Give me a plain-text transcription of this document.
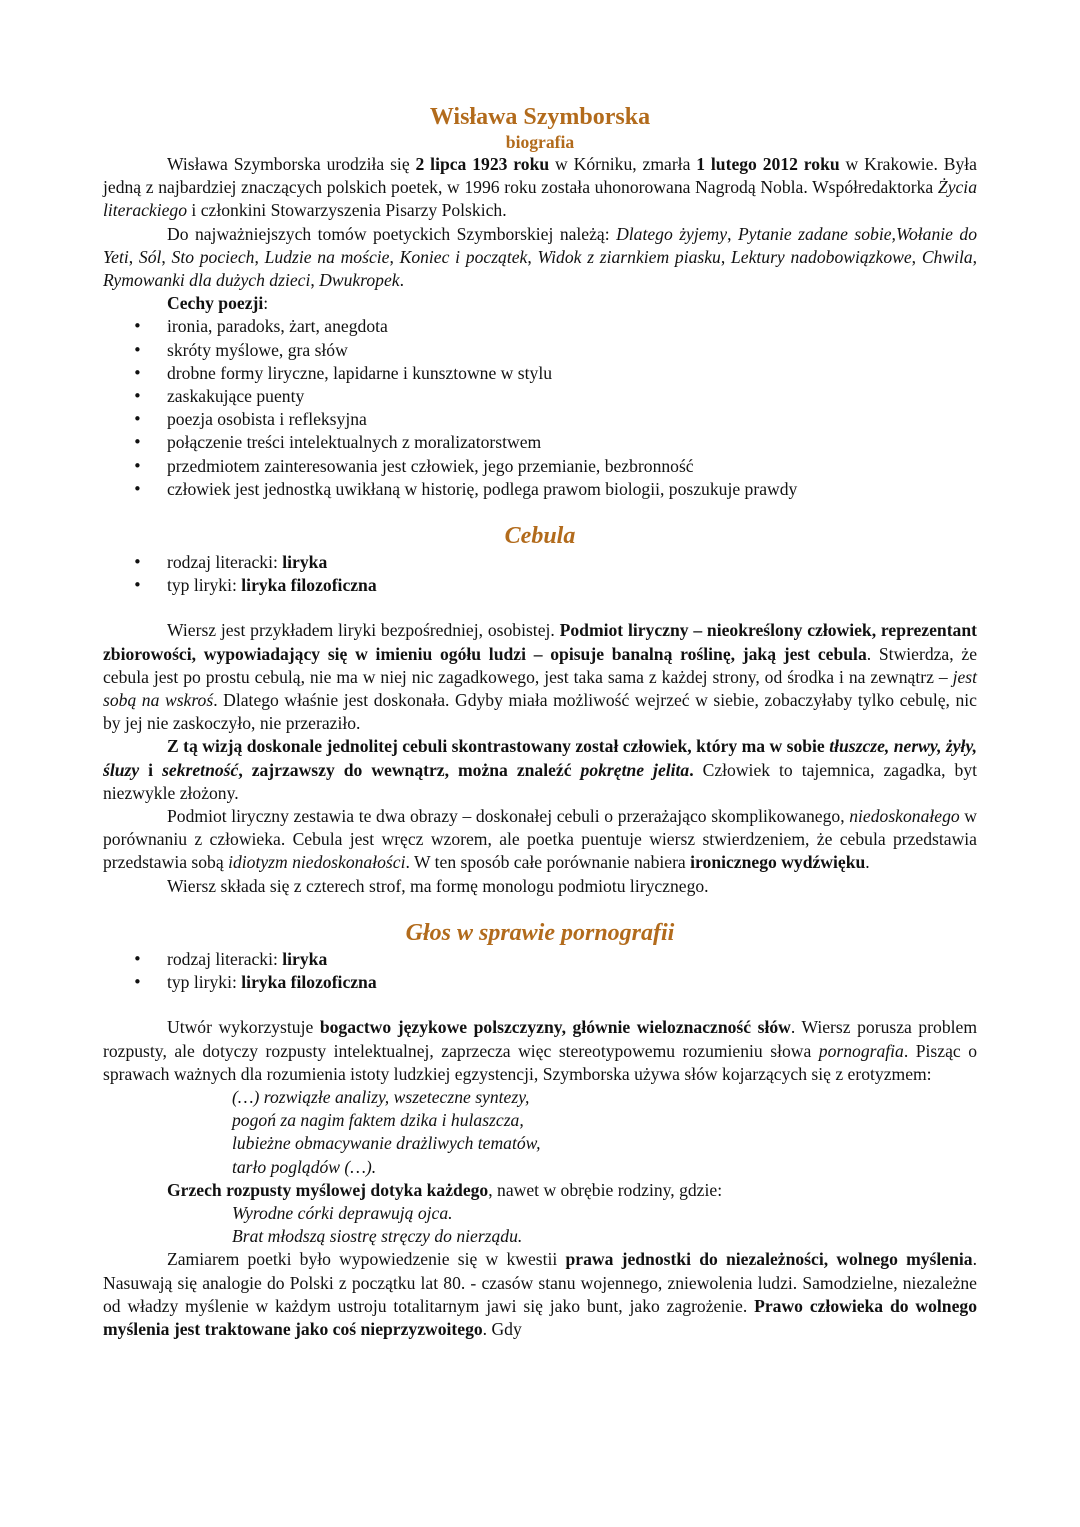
Wisława Szymborska
biografia

Wisława Szymborska urodziła się 2 lipca 1923 roku w Kórniku, zmarła 1 lutego 2012 roku w Krakowie. Była jedną z najbardziej znaczących polskich poetek, w 1996 roku została uhonorowana Nagrodą Nobla. Współredaktorka Życia literackiego i członkini Stowarzyszenia Pisarzy Polskich.

Do najważniejszych tomów poetyckich Szymborskiej należą: Dlatego żyjemy, Pytanie zadane sobie,Wołanie do Yeti, Sól, Sto pociech, Ludzie na moście, Koniec i początek, Widok z ziarnkiem piasku, Lektury nadobowiązkowe, Chwila, Rymowanki dla dużych dzieci, Dwukropek.

Cechy poezji:

• ironia, paradoks, żart, anegdota
• skróty myślowe, gra słów
• drobne formy liryczne, lapidarne i kunsztowne w stylu
• zaskakujące puenty
• poezja osobista i refleksyjna
• połączenie treści intelektualnych z moralizatorstwem
• przedmiotem zainteresowania jest człowiek, jego przemianie, bezbronność
• człowiek jest jednostką uwikłaną w historię, podlega prawom biologii, poszukuje prawdy
Cebula
• rodzaj literacki: liryka
• typ liryki: liryka filozoficzna

Wiersz jest przykładem liryki bezpośredniej, osobistej. Podmiot liryczny – nieokreślony człowiek, reprezentant zbiorowości, wypowiadający się w imieniu ogółu ludzi – opisuje banalną roślinę, jaką jest cebula. Stwierdza, że cebula jest po prostu cebulą, nie ma w niej nic zagadkowego, jest taka sama z każdej strony, od środka i na zewnątrz – jest sobą na wskroś. Dlatego właśnie jest doskonała. Gdyby miała możliwość wejrzeć w siebie, zobaczyłaby tylko cebulę, nic by jej nie zaskoczyło, nie przeraziło.

Z tą wizją doskonale jednolitej cebuli skontrastowany został człowiek, który ma w sobie tłuszcze, nerwy, żyły, śluzy i sekretność, zajrzawszy do wewnątrz, można znaleźć pokrętne jelita. Człowiek to tajemnica, zagadka, byt niezwykle złożony.

Podmiot liryczny zestawia te dwa obrazy – doskonałej cebuli o przerażająco skomplikowanego, niedoskonałego w porównaniu z człowieka. Cebula jest wręcz wzorem, ale poetka puentuje wiersz stwierdzeniem, że cebula przedstawia przedstawia sobą idiotyzm niedoskonałości. W ten sposób całe porównanie nabiera ironicznego wydźwięku.

Wiersz składa się z czterech strof, ma formę monologu podmiotu lirycznego.

Głos w sprawie pornografii
• rodzaj literacki: liryka
• typ liryki: liryka filozoficzna

Utwór wykorzystuje bogactwo językowe polszczyzny, głównie wieloznaczność słów. Wiersz porusza problem rozpusty, ale dotyczy rozpusty intelektualnej, zaprzecza więc stereotypowemu rozumieniu słowa pornografia. Pisząc o sprawach ważnych dla rozumienia istoty ludzkiej egzystencji, Szymborska używa słów kojarzących się z erotyzmem:

(…) rozwiązłe analizy, wszeteczne syntezy,
pogoń za nagim faktem dzika i hulaszcza,
lubieżne obmacywanie drażliwych tematów,
tarło poglądów (…).

Grzech rozpusty myślowej dotyka każdego, nawet w obrębie rodziny, gdzie:

Wyrodne córki deprawują ojca.
Brat młodszą siostrę stręczy do nierządu.

Zamiarem poetki było wypowiedzenie się w kwestii prawa jednostki do niezależności, wolnego myślenia. Nasuwają się analogie do Polski z początku lat 80. - czasów stanu wojennego, zniewolenia ludzi. Samodzielne, niezależne od władzy myślenie w każdym ustroju totalitarnym jawi się jako bunt, jako zagrożenie. Prawo człowieka do wolnego myślenia jest traktowane jako coś nieprzyzwoitego. Gdy
